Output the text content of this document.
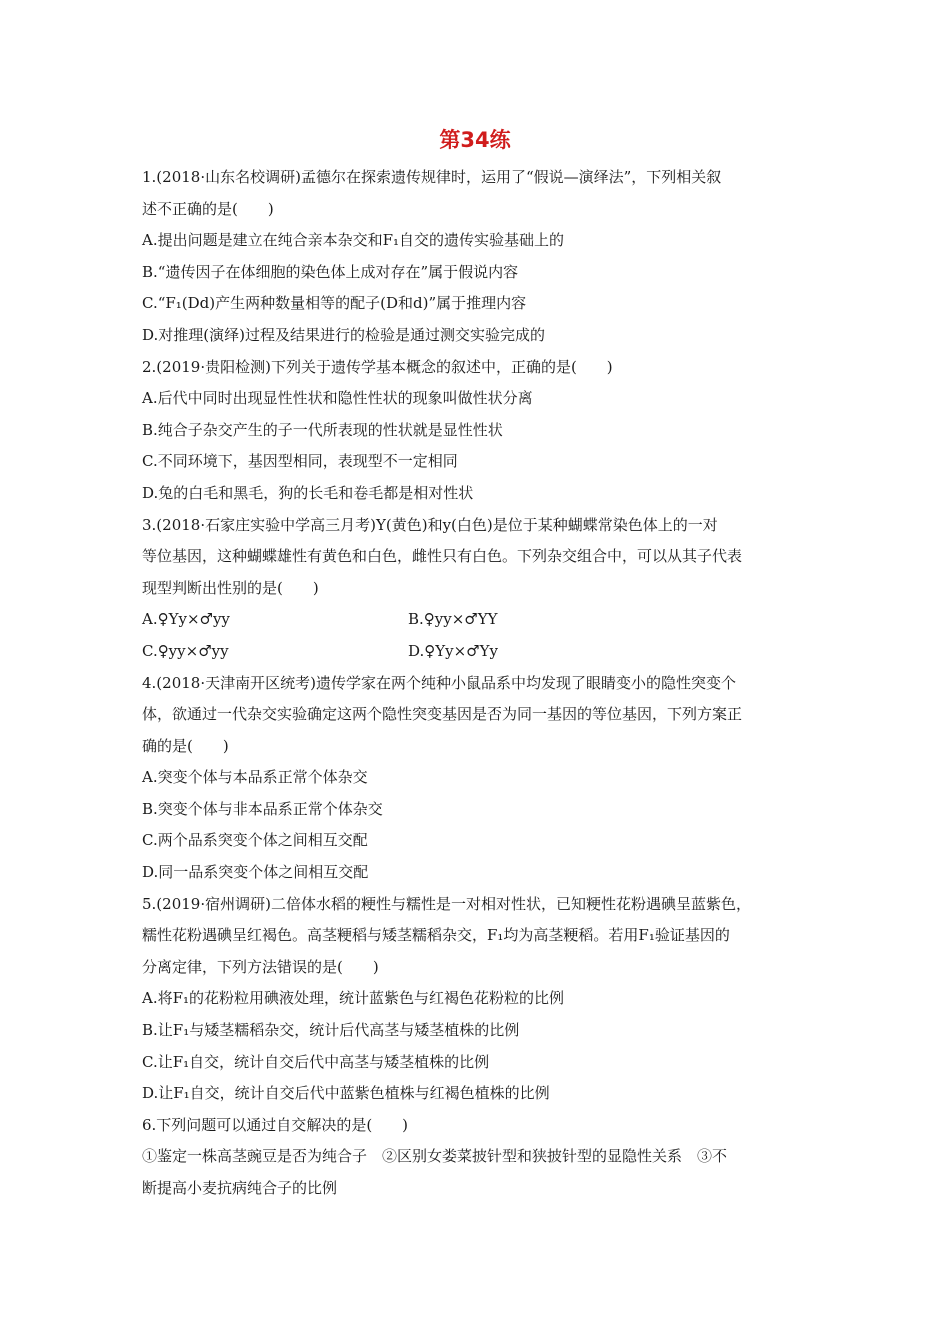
第34练
1.(2018·山东名校调研)孟德尔在探索遗传规律时，运用了“假说—演绎法”，下列相关叙
述不正确的是(　　)
A.提出问题是建立在纯合亲本杂交和F₁自交的遗传实验基础上的
B.“遗传因子在体细胞的染色体上成对存在”属于假说内容
C.“F₁(Dd)产生两种数量相等的配子(D和d)”属于推理内容
D.对推理(演绎)过程及结果进行的检验是通过测交实验完成的
2.(2019·贵阳检测)下列关于遗传学基本概念的叙述中，正确的是(　　)
A.后代中同时出现显性性状和隐性性状的现象叫做性状分离
B.纯合子杂交产生的子一代所表现的性状就是显性性状
C.不同环境下，基因型相同，表现型不一定相同
D.兔的白毛和黑毛，狗的长毛和卷毛都是相对性状
3.(2018·石家庄实验中学高三月考)Y(黄色)和y(白色)是位于某种蝴蝶常染色体上的一对
等位基因，这种蝴蝶雄性有黄色和白色，雌性只有白色。下列杂交组合中，可以从其子代表
现型判断出性别的是(　　)
A.♀Yy×♂yy	B.♀yy×♂YY
C.♀yy×♂yy	D.♀Yy×♂Yy
4.(2018·天津南开区统考)遗传学家在两个纯种小鼠品系中均发现了眼睛变小的隐性突变个
体，欲通过一代杂交实验确定这两个隐性突变基因是否为同一基因的等位基因，下列方案正
确的是(　　)
A.突变个体与本品系正常个体杂交
B.突变个体与非本品系正常个体杂交
C.两个品系突变个体之间相互交配
D.同一品系突变个体之间相互交配
5.(2019·宿州调研)二倍体水稻的粳性与糯性是一对相对性状，已知粳性花粉遇碘呈蓝紫色，
糯性花粉遇碘呈红褐色。高茎粳稻与矮茎糯稻杂交，F₁均为高茎粳稻。若用F₁验证基因的
分离定律，下列方法错误的是(　　)
A.将F₁的花粉粒用碘液处理，统计蓝紫色与红褐色花粉粒的比例
B.让F₁与矮茎糯稻杂交，统计后代高茎与矮茎植株的比例
C.让F₁自交，统计自交后代中高茎与矮茎植株的比例
D.让F₁自交，统计自交后代中蓝紫色植株与红褐色植株的比例
6.下列问题可以通过自交解决的是(　　)
①鉴定一株高茎豌豆是否为纯合子　②区别女娄菜披针型和狭披针型的显隐性关系　③不
断提高小麦抗病纯合子的比例
